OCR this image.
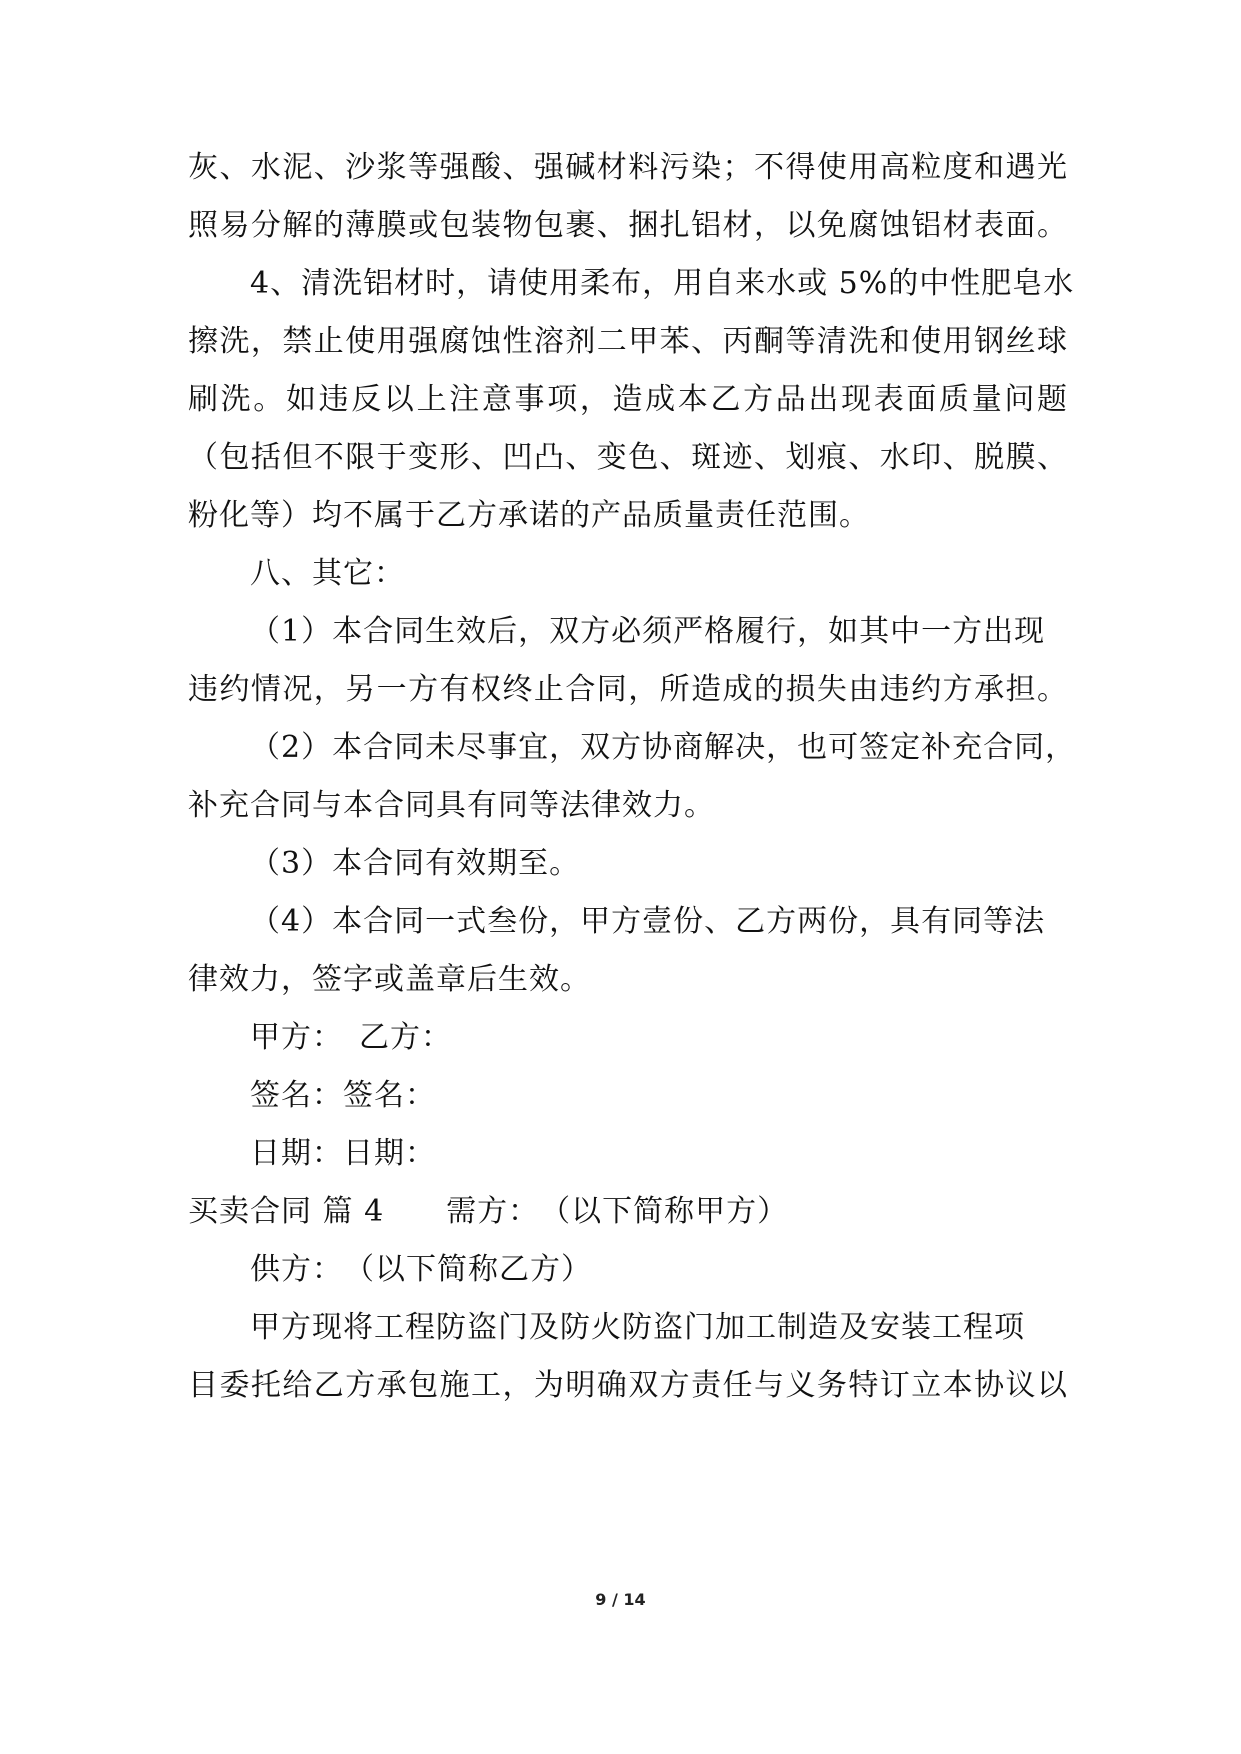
灰、水泥、沙浆等强酸、强碱材料污染；不得使用高粒度和遇光
照易分解的薄膜或包装物包裹、捆扎铝材，以免腐蚀铝材表面。
4、清洗铝材时，请使用柔布，用自来水或 5%的中性肥皂水
擦洗，禁止使用强腐蚀性溶剂二甲苯、丙酮等清洗和使用钢丝球
刷洗。如违反以上注意事项，造成本乙方品出现表面质量问题
（包括但不限于变形、凹凸、变色、斑迹、划痕、水印、脱膜、
粉化等）均不属于乙方承诺的产品质量责任范围。
八、其它：
（1）本合同生效后，双方必须严格履行，如其中一方出现
违约情况，另一方有权终止合同，所造成的损失由违约方承担。
（2）本合同未尽事宜，双方协商解决，也可签定补充合同，
补充合同与本合同具有同等法律效力。
（3）本合同有效期至。
（4）本合同一式叁份，甲方壹份、乙方两份，具有同等法
律效力，签字或盖章后生效。
甲方：　乙方：
签名：签名：
日期：日期：
买卖合同 篇 4　　需方：　（以下简称甲方）
供方：　（以下简称乙方）
甲方现将工程防盗门及防火防盗门加工制造及安装工程项
目委托给乙方承包施工，为明确双方责任与义务特订立本协议以
9 / 14
